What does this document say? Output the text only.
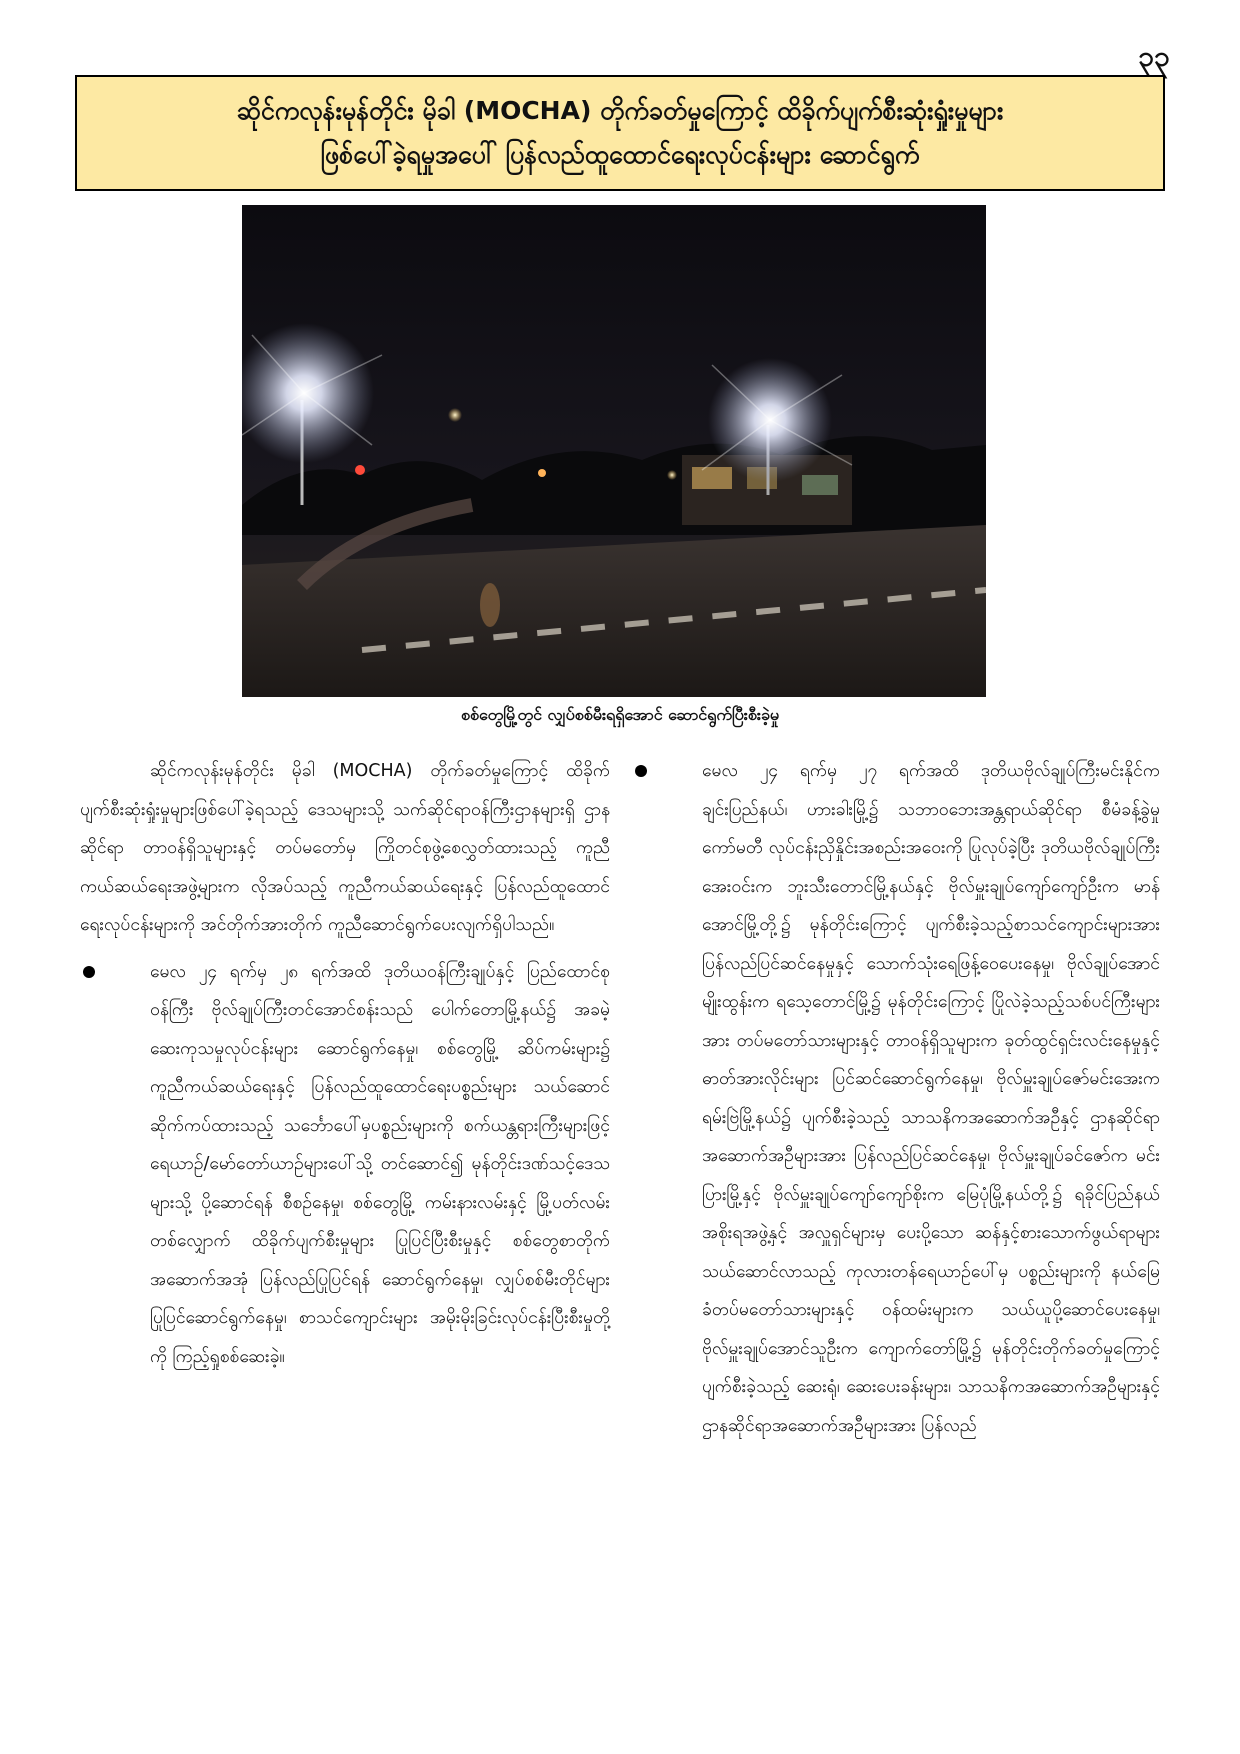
၃၃
ဆိုင်ကလုန်းမုန်တိုင်း မိုခါ (MOCHA) တိုက်ခတ်မှုကြောင့် ထိခိုက်ပျက်စီးဆုံးရှုံးမှုများ
ဖြစ်ပေါ်ခဲ့ရမှုအပေါ် ပြန်လည်ထူထောင်ရေးလုပ်ငန်းများ ဆောင်ရွက်
စစ်တွေမြို့တွင် လျှပ်စစ်မီးရရှိအောင် ဆောင်ရွက်ပြီးစီးခဲ့မှု

ဆိုင်ကလုန်းမုန်တိုင်း မိုခါ (MOCHA) တိုက်ခတ်မှုကြောင့် ထိခိုက်ပျက်စီးဆုံးရှုံးမှုများဖြစ်ပေါ်ခဲ့ရသည့် ဒေသများသို့ သက်ဆိုင်ရာဝန်ကြီးဌာနများရှိ ဌာနဆိုင်ရာ တာဝန်ရှိသူများနှင့် တပ်မတော်မှ ကြိုတင်စုဖွဲ့စေလွှတ်ထားသည့် ကူညီကယ်ဆယ်ရေးအဖွဲ့များက လိုအပ်သည့် ကူညီကယ်ဆယ်ရေးနှင့် ပြန်လည်ထူထောင်ရေးလုပ်ငန်းများကို အင်တိုက်အားတိုက် ကူညီဆောင်ရွက်ပေးလျက်ရှိပါသည်။

မေလ ၂၄ ရက်မှ ၂၈ ရက်အထိ ဒုတိယဝန်ကြီးချုပ်နှင့် ပြည်ထောင်စုဝန်ကြီး ဗိုလ်ချုပ်ကြီးတင်အောင်စန်းသည် ပေါက်တောမြို့နယ်၌ အခမဲ့ဆေးကုသမှုလုပ်ငန်းများ ဆောင်ရွက်နေမှု၊ စစ်တွေမြို့ ဆိပ်ကမ်းများ၌ ကူညီကယ်ဆယ်ရေးနှင့် ပြန်လည်ထူထောင်ရေးပစ္စည်းများ သယ်ဆောင်ဆိုက်ကပ်ထားသည့် သင်္ဘောပေါ်မှပစ္စည်းများကို စက်ယန္တရားကြီးများဖြင့် ရေယာဉ်/မော်တော်ယာဉ်များပေါ်သို့ တင်ဆောင်၍ မုန်တိုင်းဒဏ်သင့်ဒေသများသို့ ပို့ဆောင်ရန် စီစဉ်နေမှု၊ စစ်တွေမြို့ ကမ်းနားလမ်းနှင့် မြို့ပတ်လမ်းတစ်လျှောက် ထိခိုက်ပျက်စီးမှုများ ပြုပြင်ပြီးစီးမှုနှင့် စစ်တွေစာတိုက်အဆောက်အအုံ ပြန်လည်ပြုပြင်ရန် ဆောင်ရွက်နေမှု၊ လျှပ်စစ်မီးတိုင်များ ပြုပြင်ဆောင်ရွက်နေမှု၊ စာသင်ကျောင်းများ အမိုးမိုးခြင်းလုပ်ငန်းပြီးစီးမှုတို့ကို ကြည့်ရှုစစ်ဆေးခဲ့။
မေလ ၂၄ ရက်မှ ၂၇ ရက်အထိ ဒုတိယဗိုလ်ချုပ်ကြီးမင်းနိုင်က ချင်းပြည်နယ်၊ ဟားခါးမြို့၌ သဘာဝဘေးအန္တရာယ်ဆိုင်ရာ စီမံခန့်ခွဲမှုကော်မတီ လုပ်ငန်းညှိနှိုင်းအစည်းအဝေးကို ပြုလုပ်ခဲ့ပြီး ဒုတိယဗိုလ်ချုပ်ကြီးအေးဝင်းက ဘူးသီးတောင်မြို့နယ်နှင့် ဗိုလ်မှူးချုပ်ကျော်ကျော်ဦးက မာန်အောင်မြို့တို့၌ မုန်တိုင်းကြောင့် ပျက်စီးခဲ့သည့်စာသင်ကျောင်းများအား ပြန်လည်ပြင်ဆင်နေမှုနှင့် သောက်သုံးရေဖြန့်ဝေပေးနေမှု၊ ဗိုလ်ချုပ်အောင်မျိုးထွန်းက ရသေ့တောင်မြို့၌ မုန်တိုင်းကြောင့် ပြိုလဲခဲ့သည့်သစ်ပင်ကြီးများအား တပ်မတော်သားများနှင့် တာဝန်ရှိသူများက ခုတ်ထွင်ရှင်းလင်းနေမှုနှင့် ဓာတ်အားလိုင်းများ ပြင်ဆင်ဆောင်ရွက်နေမှု၊ ဗိုလ်မှူးချုပ်ဇော်မင်းအေးက ရမ်းဗြဲမြို့နယ်၌ ပျက်စီးခဲ့သည့် သာသနိကအဆောက်အဦနှင့် ဌာနဆိုင်ရာအဆောက်အဦများအား ပြန်လည်ပြင်ဆင်နေမှု၊ ဗိုလ်မှူးချုပ်ခင်ဇော်က မင်းပြားမြို့နှင့် ဗိုလ်မှူးချုပ်ကျော်ကျော်စိုးက မြေပုံမြို့နယ်တို့၌ ရခိုင်ပြည်နယ်အစိုးရအဖွဲ့နှင့် အလှူရှင်များမှ ပေးပို့သော ဆန်နှင့်စားသောက်ဖွယ်ရာများ သယ်ဆောင်လာသည့် ကုလားတန်ရေယာဉ်ပေါ်မှ ပစ္စည်းများကို နယ်မြေခံတပ်မတော်သားများနှင့် ဝန်ထမ်းများက သယ်ယူပို့ဆောင်ပေးနေမှု၊ ဗိုလ်မှူးချုပ်အောင်သူဦးက ကျောက်တော်မြို့၌ မုန်တိုင်းတိုက်ခတ်မှုကြောင့် ပျက်စီးခဲ့သည့် ဆေးရုံ၊ ဆေးပေးခန်းများ၊ သာသနိကအဆောက်အဦများနှင့် ဌာနဆိုင်ရာအဆောက်အဦများအား ပြန်လည်
